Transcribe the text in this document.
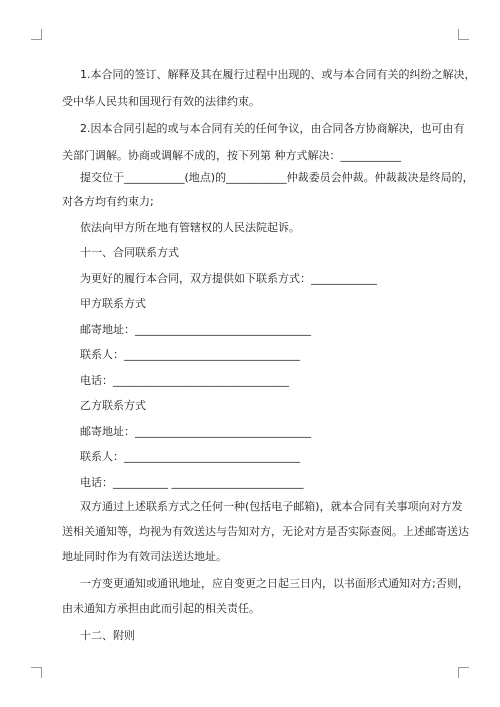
1.本合同的签订、解释及其在履行过程中出现的、或与本合同有关的纠纷之解决，
受中华人民共和国现行有效的法律约束。
2.因本合同引起的或与本合同有关的任何争议，由合同各方协商解决，也可由有
关部门调解。协商或调解不成的，按下列第 种方式解决：___________
提交位于___________(地点)的___________仲裁委员会仲裁。仲裁裁决是终局的，
对各方均有约束力;
依法向甲方所在地有管辖权的人民法院起诉。
十一、合同联系方式
为更好的履行本合同，双方提供如下联系方式：____________
甲方联系方式
邮寄地址：________________________________
联系人：________________________________
电话：________________________________
乙方联系方式
邮寄地址：________________________________
联系人：________________________________
电话：__________ ________________________
双方通过上述联系方式之任何一种(包括电子邮箱)，就本合同有关事项向对方发
送相关通知等，均视为有效送达与告知对方，无论对方是否实际查阅。上述邮寄送达
地址同时作为有效司法送达地址。
一方变更通知或通讯地址，应自变更之日起三日内，以书面形式通知对方;否则，
由未通知方承担由此而引起的相关责任。
十二、附则
